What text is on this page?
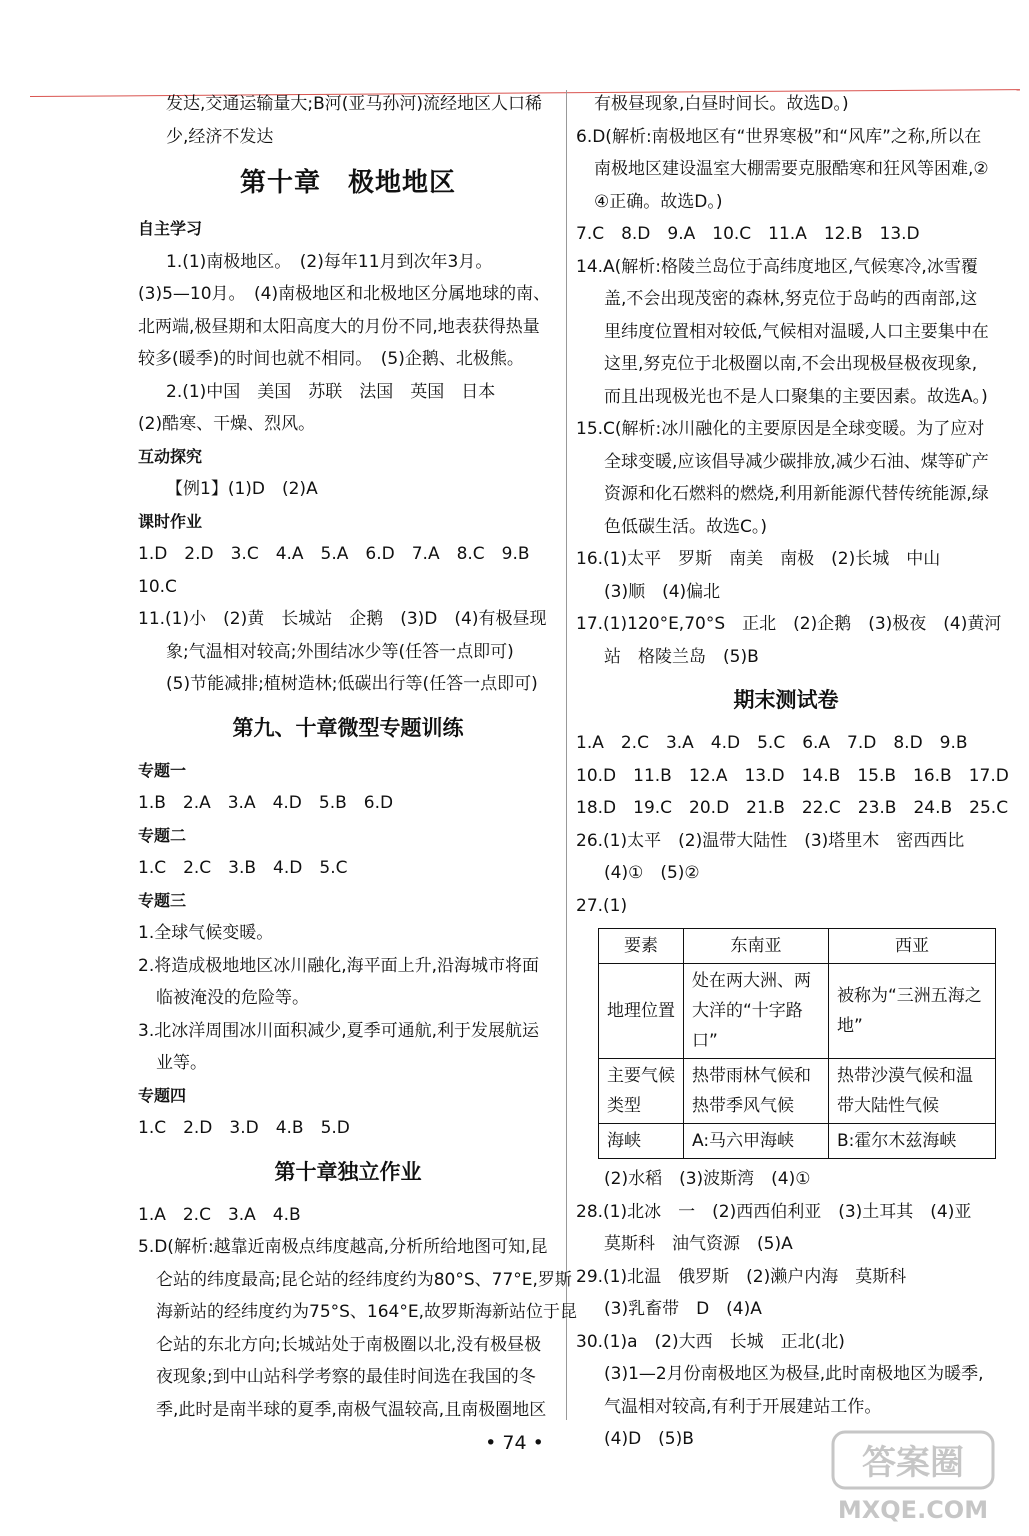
发达,交通运输量大;B河(亚马孙河)流经地区人口稀
少,经济不发达
第十章　极地地区
自主学习
1.(1)南极地区。　(2)每年11月到次年3月。
(3)5—10月。　(4)南极地区和北极地区分属地球的南、
北两端,极昼期和太阳高度大的月份不同,地表获得热量
较多(暖季)的时间也就不相同。　(5)企鹅、北极熊。
2.(1)中国　美国　苏联　法国　英国　日本
(2)酷寒、干燥、烈风。
互动探究
【例1】(1)D　(2)A
课时作业
1.D　2.D　3.C　4.A　5.A　6.D　7.A　8.C　9.B
10.C
11.(1)小　(2)黄　长城站　企鹅　(3)D　(4)有极昼现
象;气温相对较高;外围结冰少等(任答一点即可)
(5)节能减排;植树造林;低碳出行等(任答一点即可)
第九、十章微型专题训练
专题一
1.B　2.A　3.A　4.D　5.B　6.D
专题二
1.C　2.C　3.B　4.D　5.C
专题三
1.全球气候变暖。
2.将造成极地地区冰川融化,海平面上升,沿海城市将面
临被淹没的危险等。
3.北冰洋周围冰川面积减少,夏季可通航,利于发展航运
业等。
专题四
1.C　2.D　3.D　4.B　5.D
第十章独立作业
1.A　2.C　3.A　4.B
5.D(解析:越靠近南极点纬度越高,分析所给地图可知,昆
仑站的纬度最高;昆仑站的经纬度约为80°S、77°E,罗斯
海新站的经纬度约为75°S、164°E,故罗斯海新站位于昆
仑站的东北方向;长城站处于南极圈以北,没有极昼极
夜现象;到中山站科学考察的最佳时间选在我国的冬
季,此时是南半球的夏季,南极气温较高,且南极圈地区
有极昼现象,白昼时间长。故选D。)
6.D(解析:南极地区有“世界寒极”和“风库”之称,所以在
南极地区建设温室大棚需要克服酷寒和狂风等困难,②
④正确。故选D。)
7.C　8.D　9.A　10.C　11.A　12.B　13.D
14.A(解析:格陵兰岛位于高纬度地区,气候寒冷,冰雪覆
盖,不会出现茂密的森林,努克位于岛屿的西南部,这
里纬度位置相对较低,气候相对温暖,人口主要集中在
这里,努克位于北极圈以南,不会出现极昼极夜现象,
而且出现极光也不是人口聚集的主要因素。故选A。)
15.C(解析:冰川融化的主要原因是全球变暖。为了应对
全球变暖,应该倡导减少碳排放,减少石油、煤等矿产
资源和化石燃料的燃烧,利用新能源代替传统能源,绿
色低碳生活。故选C。)
16.(1)太平　罗斯　南美　南极　(2)长城　中山
(3)顺　(4)偏北
17.(1)120°E,70°S　正北　(2)企鹅　(3)极夜　(4)黄河
站　格陵兰岛　(5)B
期末测试卷
1.A　2.C　3.A　4.D　5.C　6.A　7.D　8.D　9.B
10.D　11.B　12.A　13.D　14.B　15.B　16.B　17.D
18.D　19.C　20.D　21.B　22.C　23.B　24.B　25.C
26.(1)太平　(2)温带大陆性　(3)塔里木　密西西比
(4)①　(5)②
27.(1)
要素	东南亚	西亚
地理位置	处在两大洲、两大洋的“十字路口”	被称为“三洲五海之地”
主要气候类型	热带雨林气候和热带季风气候	热带沙漠气候和温带大陆性气候
海峡	A:马六甲海峡	B:霍尔木兹海峡
(2)水稻　(3)波斯湾　(4)①
28.(1)北冰　一　(2)西西伯利亚　(3)土耳其　(4)亚
莫斯科　油气资源　(5)A
29.(1)北温　俄罗斯　(2)濑户内海　莫斯科
(3)乳畜带　D　(4)A
30.(1)a　(2)大西　长城　正北(北)
(3)1—2月份南极地区为极昼,此时南极地区为暖季,
气温相对较高,有利于开展建站工作。
(4)D　(5)B
• 74 •	答案圈
MXQE.COM
